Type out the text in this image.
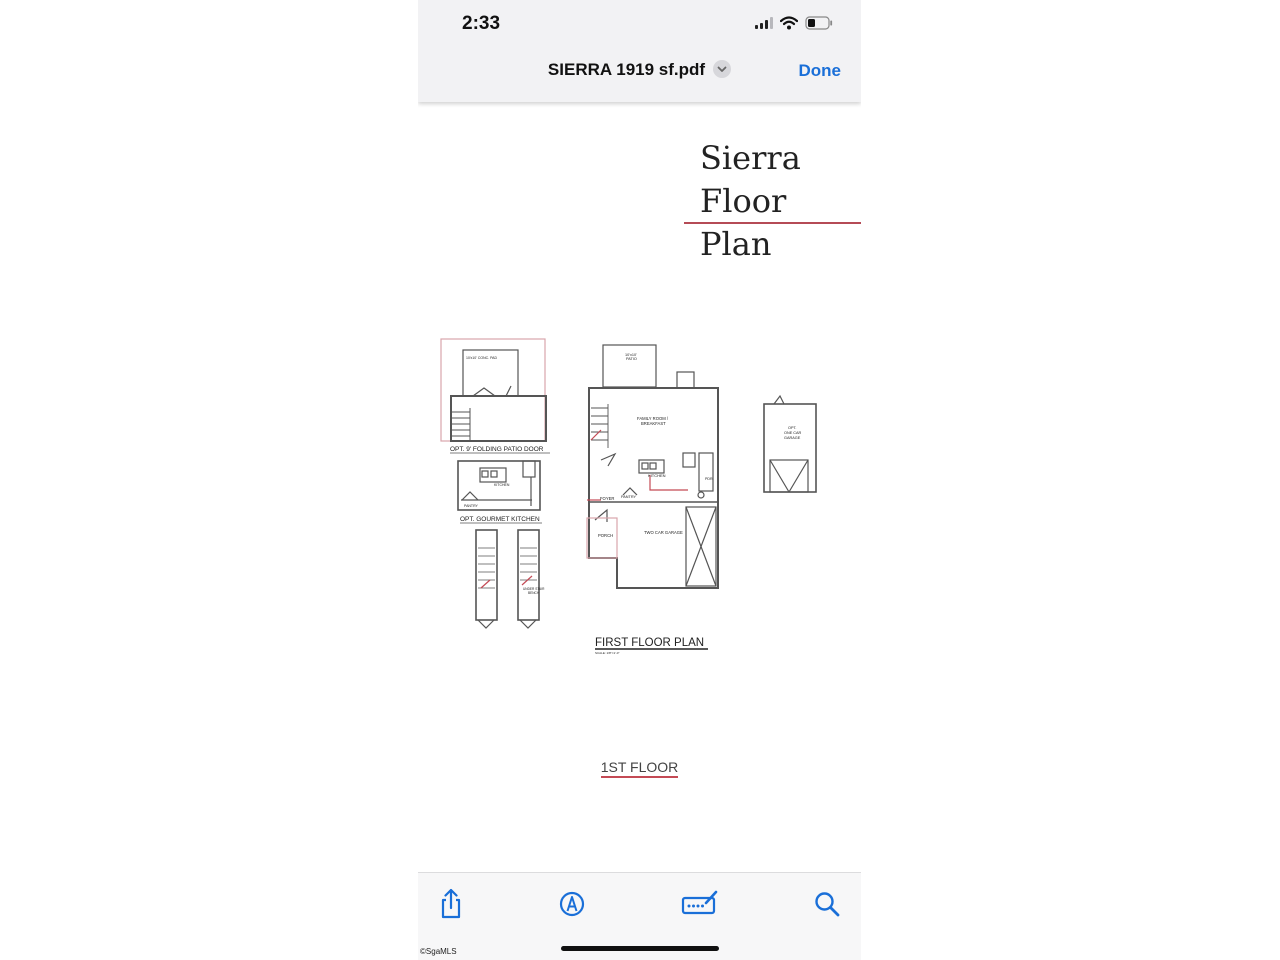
2:33
SIERRA 1919 sf.pdf	Done
Sierra
Floor Plan
OPT. 9' FOLDING PATIO DOOR
10'x10' CONC. PAD
OPT. GOURMET KITCHEN
KITCHEN
PANTRY
UNDER STAIR
BENCH
10'x10'
PATIO
FAMILY ROOM /
BREAKFAST
KITCHEN
FOYER PANTRY
PORCH
TWO CAR GARAGE
PDR.
OPT.
ONE CAR
GARAGE
FIRST FLOOR PLAN
SCALE: 1/8"=1'-0"
1ST FLOOR
©SgaMLS
